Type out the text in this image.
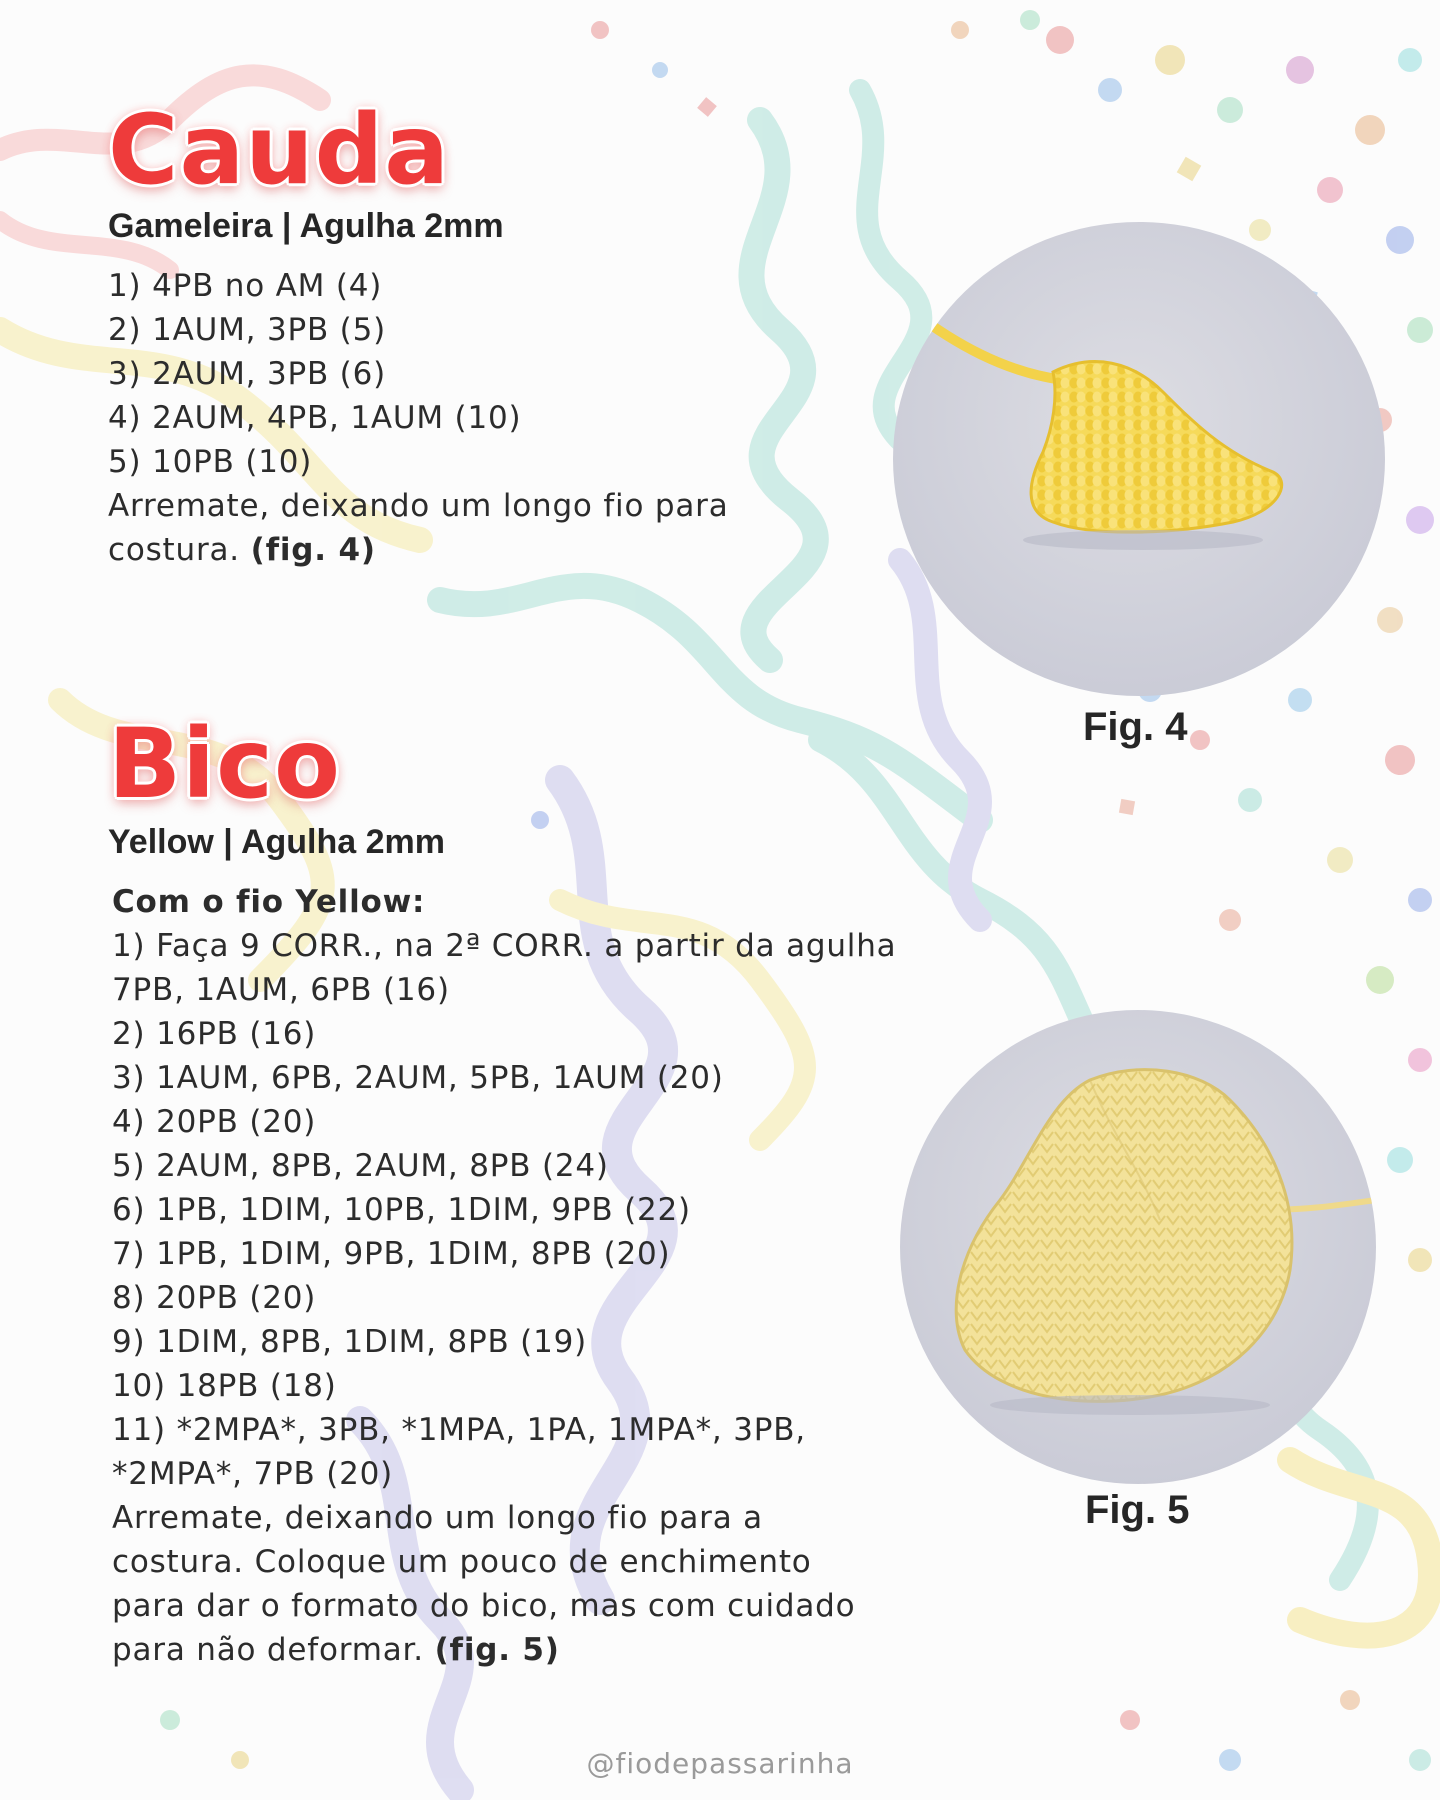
Cauda

Gameleira | Agulha 2mm

1) 4PB no AM (4)
2) 1AUM, 3PB (5)
3) 2AUM, 3PB (6)
4) 2AUM, 4PB, 1AUM (10)
5) 10PB (10)
Arremate, deixando um longo fio para
costura. (fig. 4)

Fig. 4

Bico

Yellow | Agulha 2mm

Com o fio Yellow:
1) Faça 9 CORR., na 2ª CORR. a partir da agulha
7PB, 1AUM, 6PB (16)
2) 16PB (16)
3) 1AUM, 6PB, 2AUM, 5PB, 1AUM (20)
4) 20PB (20)
5) 2AUM, 8PB, 2AUM, 8PB (24)
6) 1PB, 1DIM, 10PB, 1DIM, 9PB (22)
7) 1PB, 1DIM, 9PB, 1DIM, 8PB (20)
8) 20PB (20)
9) 1DIM, 8PB, 1DIM, 8PB (19)
10) 18PB (18)
11) *2MPA*, 3PB, *1MPA, 1PA, 1MPA*, 3PB,
*2MPA*, 7PB (20)
Arremate, deixando um longo fio para a
costura. Coloque um pouco de enchimento
para dar o formato do bico, mas com cuidado
para não deformar. (fig. 5)

Fig. 5

@fiodepassarinha
